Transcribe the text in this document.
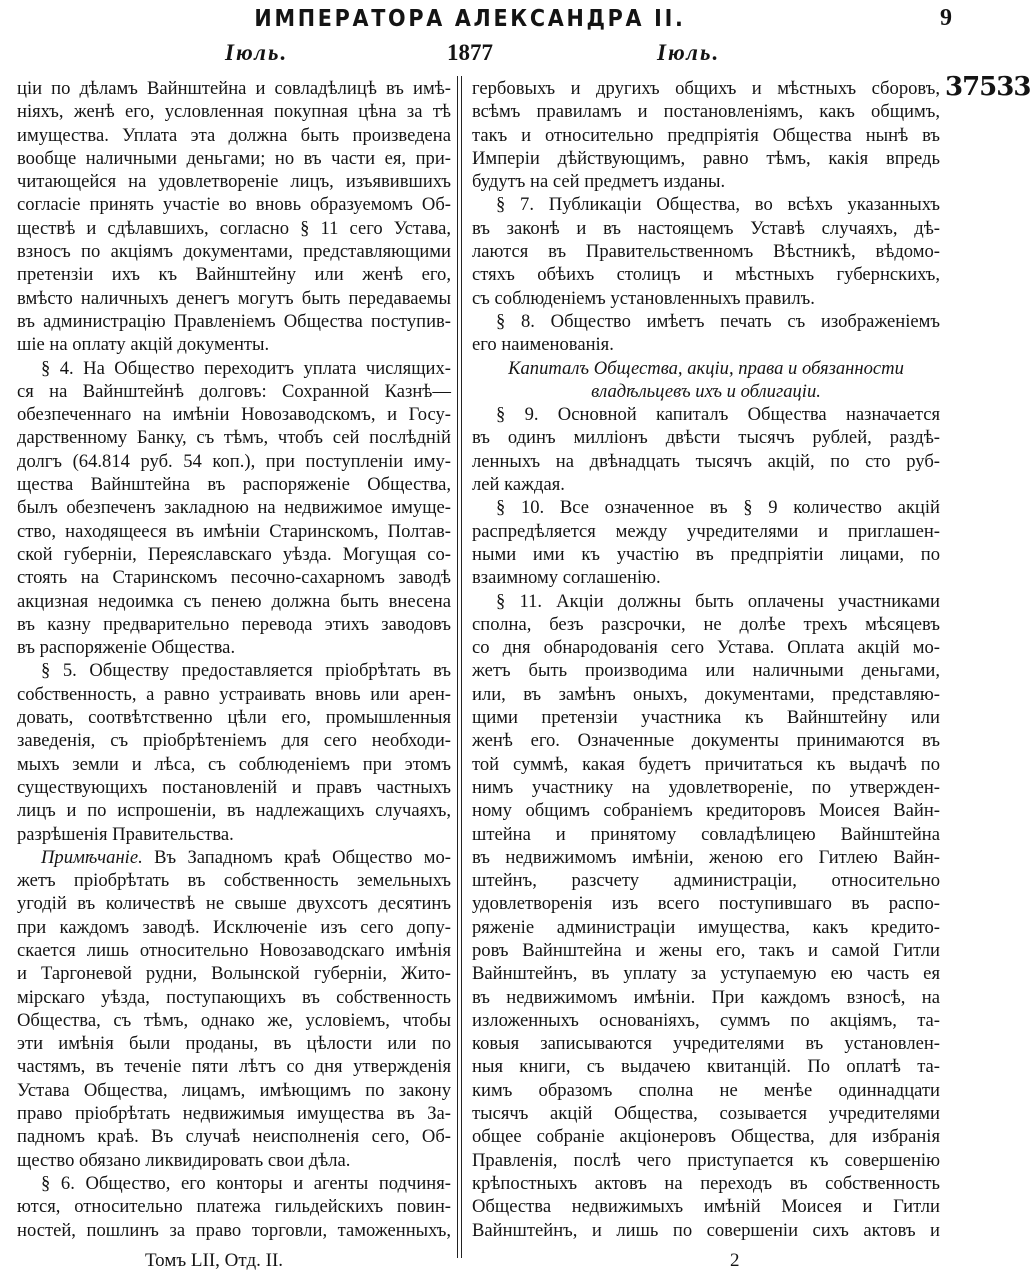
ИМПЕРАТОРА АЛЕКСАНДРА II.	9
Іюль.	1877	Іюль.
37533
ціи по дѣламъ Вайнштейна и совладѣлицѣ въ имѣ-
ніяхъ, женѣ его, условленная покупная цѣна за тѣ
имущества. Уплата эта должна быть произведена
вообще наличными деньгами; но въ части ея, при-
читающейся на удовлетвореніе лицъ, изъявившихъ
согласіе принять участіе во вновь образуемомъ Об-
ществѣ и сдѣлавшихъ, согласно § 11 сего Устава,
взносъ по акціямъ документами, представляющими
претензіи ихъ къ Вайнштейну или женѣ его,
вмѣсто наличныхъ денегъ могутъ быть передаваемы
въ администрацію Правленіемъ Общества поступив-
шіе на оплату акцій документы.
§ 4. На Общество переходитъ уплата числящих-
ся на Вайнштейнѣ долговъ: Сохранной Казнѣ—
обезпеченнаго на имѣніи Новозаводскомъ, и Госу-
дарственному Банку, съ тѣмъ, чтобъ сей послѣдній
долгъ (64.814 руб. 54 коп.), при поступленіи иму-
щества Вайнштейна въ распоряженіе Общества,
былъ обезпеченъ закладною на недвижимое имуще-
ство, находящееся въ имѣніи Старинскомъ, Полтав-
ской губерніи, Переяславскаго уѣзда. Могущая со-
стоять на Старинскомъ песочно-сахарномъ заводѣ
акцизная недоимка съ пенею должна быть внесена
въ казну предварительно перевода этихъ заводовъ
въ распоряженіе Общества.
§ 5. Обществу предоставляется пріобрѣтать въ
собственность, а равно устраивать вновь или арен-
довать, соотвѣтственно цѣли его, промышленныя
заведенія, съ пріобрѣтеніемъ для сего необходи-
мыхъ земли и лѣса, съ соблюденіемъ при этомъ
существующихъ постановленій и правъ частныхъ
лицъ и по испрошеніи, въ надлежащихъ случаяхъ,
разрѣшенія Правительства.
Примѣчаніе. Въ Западномъ краѣ Общество мо-
жетъ пріобрѣтать въ собственность земельныхъ
угодій въ количествѣ не свыше двухсотъ десятинъ
при каждомъ заводѣ. Исключеніе изъ сего допу-
скается лишь относительно Новозаводскаго имѣнія
и Таргоневой рудни, Волынской губерніи, Жито-
мірскаго уѣзда, поступающихъ въ собственность
Общества, съ тѣмъ, однако же, условіемъ, чтобы
эти имѣнія были проданы, въ цѣлости или по
частямъ, въ теченіе пяти лѣтъ со дня утвержденія
Устава Общества, лицамъ, имѣющимъ по закону
право пріобрѣтать недвижимыя имущества въ За-
падномъ краѣ. Въ случаѣ неисполненія сего, Об-
щество обязано ликвидировать свои дѣла.
§ 6. Общество, его конторы и агенты подчиня-
ются, относительно платежа гильдейскихъ повин-
ностей, пошлинъ за право торговли, таможенныхъ,
гербовыхъ и другихъ общихъ и мѣстныхъ сборовъ,
всѣмъ правиламъ и постановленіямъ, какъ общимъ,
такъ и относительно предпріятія Общества нынѣ въ
Имперіи дѣйствующимъ, равно тѣмъ, какія впредь
будутъ на сей предметъ изданы.
§ 7. Публикаціи Общества, во всѣхъ указанныхъ
въ законѣ и въ настоящемъ Уставѣ случаяхъ, дѣ-
лаются въ Правительственномъ Вѣстникѣ, вѣдомо-
стяхъ обѣихъ столицъ и мѣстныхъ губернскихъ,
съ соблюденіемъ установленныхъ правилъ.
§ 8. Общество имѣетъ печать съ изображеніемъ
его наименованія.
Капиталъ Общества, акціи, права и обязанности
владѣльцевъ ихъ и облигаціи.
§ 9. Основной капиталъ Общества назначается
въ одинъ милліонъ двѣсти тысячъ рублей, раздѣ-
ленныхъ на двѣнадцать тысячъ акцій, по сто руб-
лей каждая.
§ 10. Все означенное въ § 9 количество акцій
распредѣляется между учредителями и приглашен-
ными ими къ участію въ предпріятіи лицами, по
взаимному соглашенію.
§ 11. Акціи должны быть оплачены участниками
сполна, безъ разсрочки, не долѣе трехъ мѣсяцевъ
со дня обнародованія сего Устава. Оплата акцій мо-
жетъ быть производима или наличными деньгами,
или, въ замѣнъ оныхъ, документами, представляю-
щими претензіи участника къ Вайнштейну или
женѣ его. Означенные документы принимаются въ
той суммѣ, какая будетъ причитаться къ выдачѣ по
нимъ участнику на удовлетвореніе, по утвержден-
ному общимъ собраніемъ кредиторовъ Моисея Вайн-
штейна и принятому совладѣлицею Вайнштейна
въ недвижимомъ имѣніи, женою его Гитлею Вайн-
штейнъ, разсчету администраціи, относительно
удовлетворенія изъ всего поступившаго въ распо-
ряженіе администраціи имущества, какъ кредито-
ровъ Вайнштейна и жены его, такъ и самой Гитли
Вайнштейнъ, въ уплату за уступаемую ею часть ея
въ недвижимомъ имѣніи. При каждомъ взносѣ, на
изложенныхъ основаніяхъ, суммъ по акціямъ, та-
ковыя записываются учредителями въ установлен-
ныя книги, съ выдачею квитанцій. По оплатѣ та-
кимъ образомъ сполна не менѣе одиннадцати
тысячъ акцій Общества, созывается учредителями
общее собраніе акціонеровъ Общества, для избранія
Правленія, послѣ чего приступается къ совершенію
крѣпостныхъ актовъ на переходъ въ собственность
Общества недвижимыхъ имѣній Моисея и Гитли
Вайнштейнъ, и лишь по совершеніи сихъ актовъ и
Томъ LII, Отд. II.	2
